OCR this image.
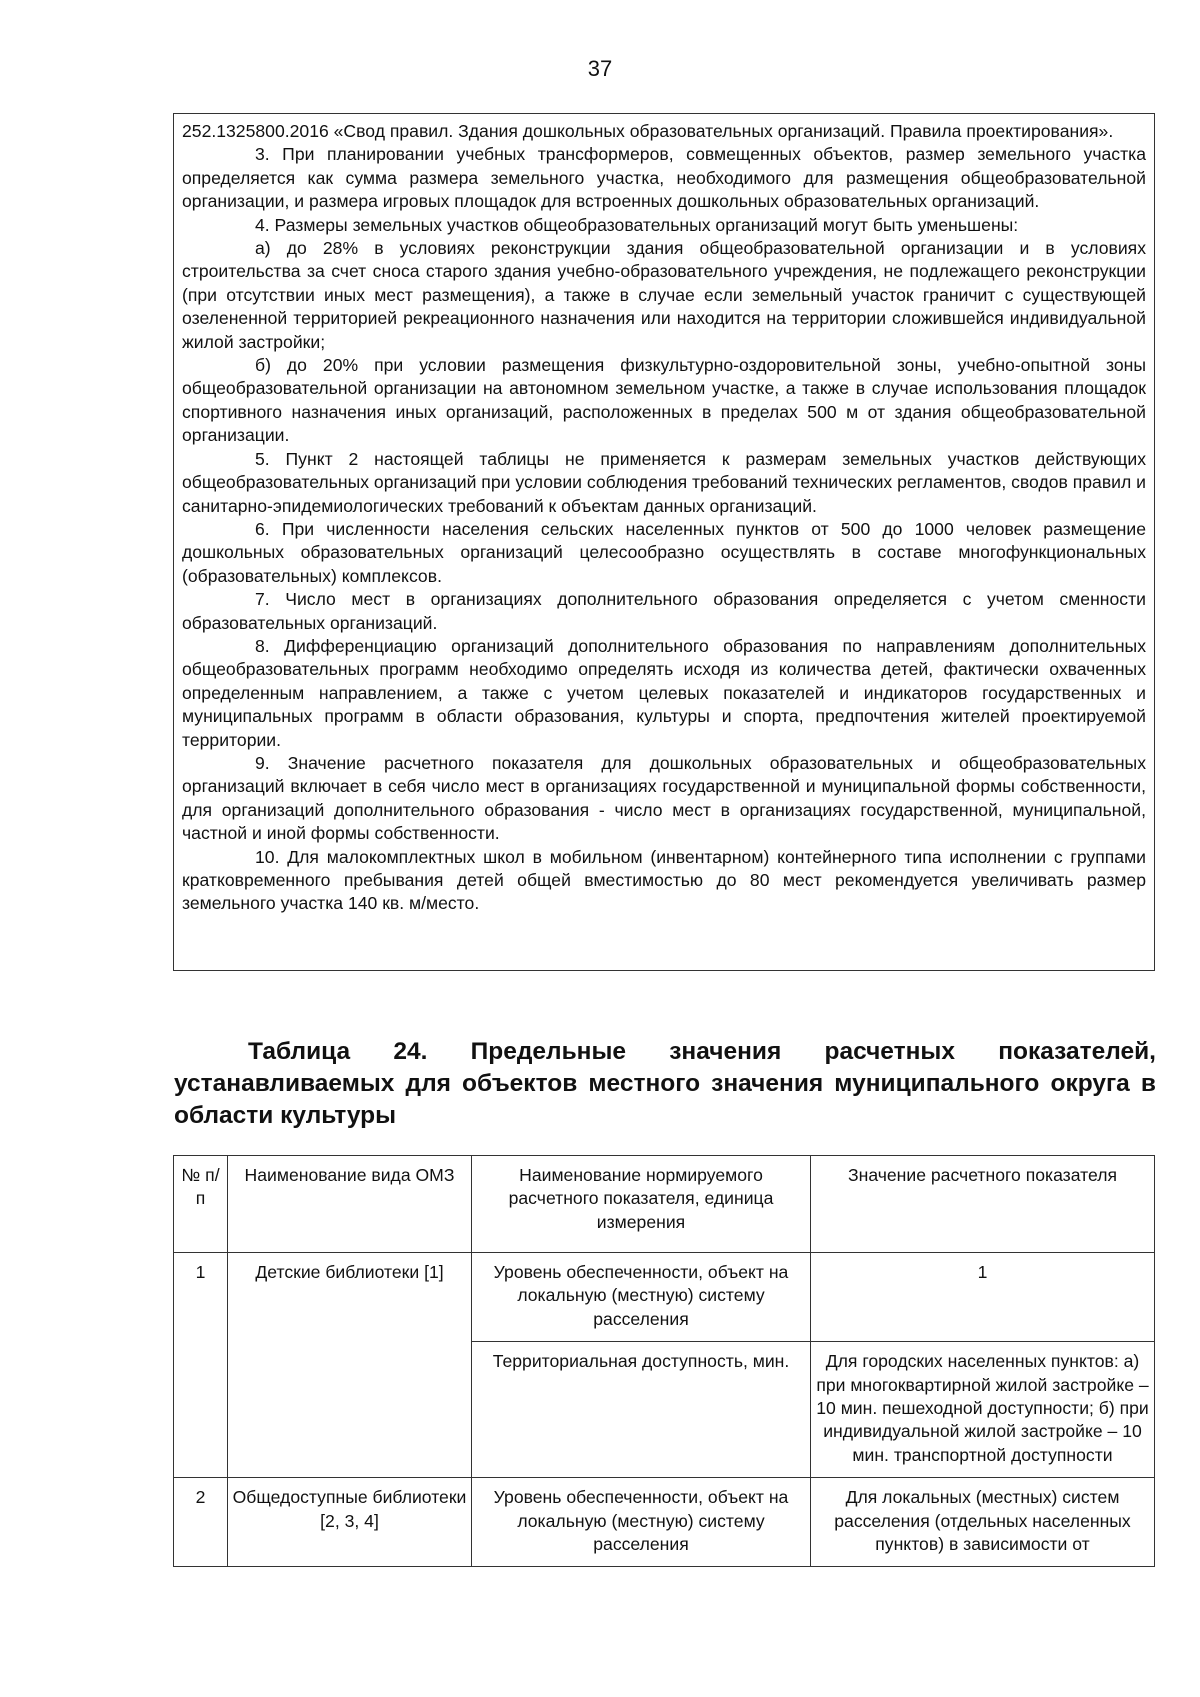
37

252.1325800.2016 «Свод правил. Здания дошкольных образовательных организаций. Правила проектирования».

3. При планировании учебных трансформеров, совмещенных объектов, размер земельного участка определяется как сумма размера земельного участка, необходимого для размещения общеобразовательной организации, и размера игровых площадок для встроенных дошкольных образовательных организаций.

4. Размеры земельных участков общеобразовательных организаций могут быть уменьшены:

а) до 28% в условиях реконструкции здания общеобразовательной организации и в условиях строительства за счет сноса старого здания учебно-образовательного учреждения, не подлежащего реконструкции (при отсутствии иных мест размещения), а также в случае если земельный участок граничит с существующей озелененной территорией рекреационного назначения или находится на территории сложившейся индивидуальной жилой застройки;

б) до 20% при условии размещения физкультурно-оздоровительной зоны, учебно-опытной зоны общеобразовательной организации на автономном земельном участке, а также в случае использования площадок спортивного назначения иных организаций, расположенных в пределах 500 м от здания общеобразовательной организации.

5. Пункт 2 настоящей таблицы не применяется к размерам земельных участков действующих общеобразовательных организаций при условии соблюдения требований технических регламентов, сводов правил и санитарно-эпидемиологических требований к объектам данных организаций.

6. При численности населения сельских населенных пунктов от 500 до 1000 человек размещение дошкольных образовательных организаций целесообразно осуществлять в составе многофункциональных (образовательных) комплексов.

7. Число мест в организациях дополнительного образования определяется с учетом сменности образовательных организаций.

8. Дифференциацию организаций дополнительного образования по направлениям дополнительных общеобразовательных программ необходимо определять исходя из количества детей, фактически охваченных определенным направлением, а также с учетом целевых показателей и индикаторов государственных и муниципальных программ в области образования, культуры и спорта, предпочтения жителей проектируемой территории.

9. Значение расчетного показателя для дошкольных образовательных и общеобразовательных организаций включает в себя число мест в организациях государственной и муниципальной формы собственности, для организаций дополнительного образования - число мест в организациях государственной, муниципальной, частной и иной формы собственности.

10. Для малокомплектных школ в мобильном (инвентарном) контейнерного типа исполнении с группами кратковременного пребывания детей общей вместимостью до 80 мест рекомендуется увеличивать размер земельного участка 140 кв. м/место.

Таблица 24. Предельные значения расчетных показателей,
устанавливаемых для объектов местного значения муниципального округа в области культуры
№ п/п	Наименование вида ОМЗ	Наименование нормируемого расчетного показателя, единица измерения	Значение расчетного показателя
1	Детские библиотеки [1]	Уровень обеспеченности, объект на локальную (местную) систему расселения	1
		Территориальная доступность, мин.	Для городских населенных пунктов: а) при многоквартирной жилой застройке – 10 мин. пешеходной доступности; б) при индивидуальной жилой застройке – 10 мин. транспортной доступности
2	Общедоступные библиотеки [2, 3, 4]	Уровень обеспеченности, объект на локальную (местную) систему расселения	Для локальных (местных) систем расселения (отдельных населенных пунктов) в зависимости от
